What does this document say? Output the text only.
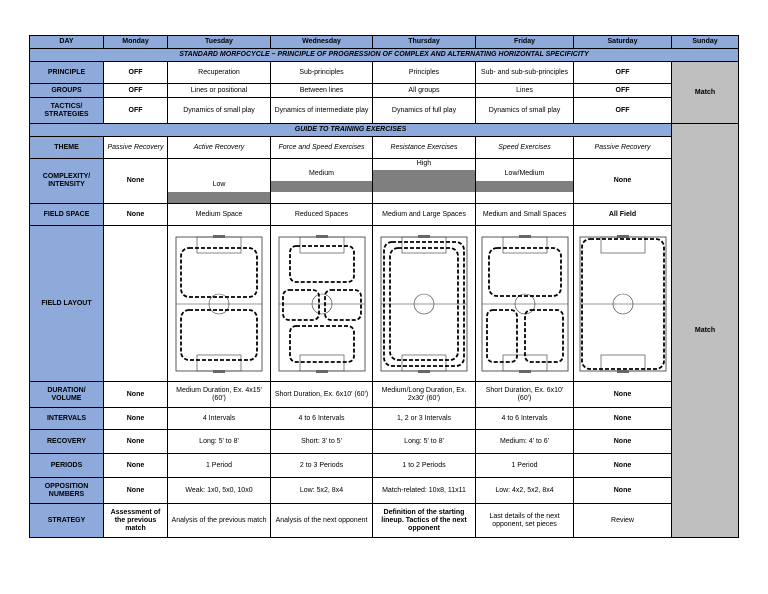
DAY	Monday	Tuesday	Wednesday	Thursday	Friday	Saturday	Sunday
STANDARD MORFOCYCLE – PRINCIPLE OF PROGRESSION OF COMPLEX AND ALTERNATING HORIZONTAL SPECIFICITY							
PRINCIPLE	OFF	Recuperation	Sub-principles	Principles	Sub- and sub-sub-principles	OFF	Match
GROUPS	OFF	Lines or positional	Between lines	All groups	Lines	OFF	
TACTICS/ STRATEGIES	OFF	Dynamics of small play	Dynamics of intermediate play	Dynamics of full play	Dynamics of small play	OFF	
GUIDE TO TRAINING EXERCISES							Match
THEME	Passive Recovery	Active Recovery	Force and Speed Exercises	Resistance Exercises	Speed Exercises	Passive Recovery	
COMPLEXITY/ INTENSITY	None	Low	Medium	High	Low/Medium	None	
FIELD SPACE	None	Medium Space	Reduced Spaces	Medium and Large Spaces	Medium and Small Spaces	All Field	
FIELD LAYOUT		

DURATION/ VOLUME	None	Medium Duration, Ex. 4x15' (60')	Short Duration, Ex. 6x10' (60')	Medium/Long Duration, Ex. 2x30' (60')	Short Duration, Ex. 6x10' (60')	None	
INTERVALS	None	4 Intervals	4 to 6 Intervals	1, 2 or 3 Intervals	4 to 6 Intervals	None	
RECOVERY	None	Long: 5' to 8'	Short: 3' to 5'	Long: 5' to 8'	Medium: 4' to 6'	None	
PERIODS	None	1 Period	2 to 3 Periods	1 to 2 Periods	1 Period	None	
OPPOSITION NUMBERS	None	Weak: 1x0, 5x0, 10x0	Low: 5x2, 8x4	Match-related: 10x8, 11x11	Low: 4x2, 5x2, 8x4	None	
STRATEGY	Assessment of the previous match	Analysis of the previous match	Analysis of the next opponent	Definition of the starting lineup. Tactics of the next opponent	Last details of the next opponent, set pieces	Review	
